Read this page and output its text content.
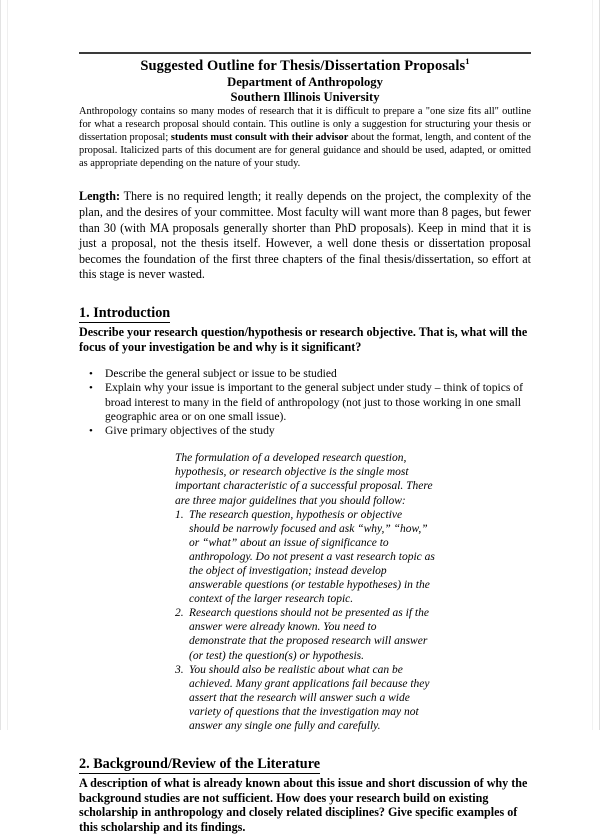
Suggested Outline for Thesis/Dissertation Proposals$^1$
Department of Anthropology
Southern Illinois University

Anthropology contains so many modes of research that it is difficult to prepare a "one size fits all" outline for what a research proposal should contain. This outline is only a suggestion for structuring your thesis or dissertation proposal; students must consult with their advisor about the format, length, and content of the proposal. Italicized parts of this document are for general guidance and should be used, adapted, or omitted as appropriate depending on the nature of your study.

Length: There is no required length; it really depends on the project, the complexity of the plan, and the desires of your committee. Most faculty will want more than 8 pages, but fewer than 30 (with MA proposals generally shorter than PhD proposals). Keep in mind that it is just a proposal, not the thesis itself. However, a well done thesis or dissertation proposal becomes the foundation of the first three chapters of the final thesis/dissertation, so effort at this stage is never wasted.

1. Introduction

Describe your research question/hypothesis or research objective. That is, what will the focus of your investigation be and why is it significant?

• Describe the general subject or issue to be studied
• Explain why your issue is important to the general subject under study – think of topics of broad interest to many in the field of anthropology (not just to those working in one small geographic area or on one small issue).
• Give primary objectives of the study

The formulation of a developed research question, hypothesis, or research objective is the single most important characteristic of a successful proposal. There are three major guidelines that you should follow:

The research question, hypothesis or objective should be narrowly focused and ask “why,” “how,” or “what” about an issue of significance to anthropology. Do not present a vast research topic as the object of investigation; instead develop answerable questions (or testable hypotheses) in the context of the larger research topic.
Research questions should not be presented as if the answer were already known. You need to demonstrate that the proposed research will answer (or test) the question(s) or hypothesis.
You should also be realistic about what can be achieved. Many grant applications fail because they assert that the research will answer such a wide variety of questions that the investigation may not answer any single one fully and carefully.
2. Background/Review of the Literature

A description of what is already known about this issue and short discussion of why the background studies are not sufficient. How does your research build on existing scholarship in anthropology and closely related disciplines? Give specific examples of this scholarship and its findings.
